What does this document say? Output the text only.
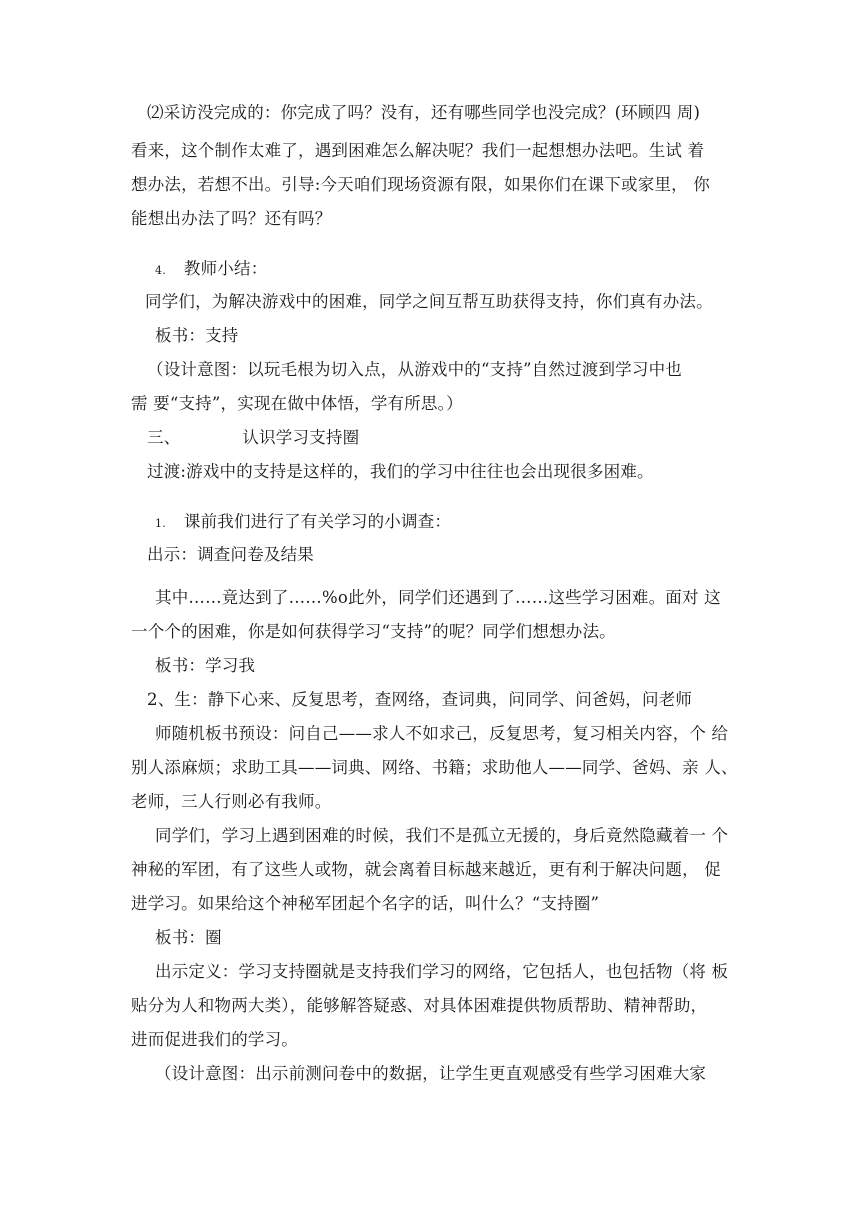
⑵采访没完成的：你完成了吗？没有，还有哪些同学也没完成？(环顾四 周)
看来，这个制作太难了，遇到困难怎么解决呢？我们一起想想办法吧。生试 着
想办法，若想不出。引导:今天咱们现场资源有限，如果你们在课下或家里， 你
能想出办法了吗？还有吗？
4. 教师小结：
同学们，为解决游戏中的困难，同学之间互帮互助获得支持，你们真有办法。
板书：支持
（设计意图：以玩毛根为切入点，从游戏中的“支持”自然过渡到学习中也
需 要“支持”，实现在做中体悟，学有所思。）
三、	认识学习支持圈
过渡:游戏中的支持是这样的，我们的学习中往往也会出现很多困难。
1. 课前我们进行了有关学习的小调查：
出示：调查问卷及结果
其中……竟达到了……%o此外，同学们还遇到了……这些学习困难。面对 这
一个个的困难，你是如何获得学习“支持”的呢？同学们想想办法。
板书：学习我
2、生：静下心来、反复思考，查网络，查词典，问同学、问爸妈，问老师
师随机板书预设：问自己——求人不如求己，反复思考，复习相关内容，个 给
别人添麻烦；求助工具——词典、网络、书籍；求助他人——同学、爸妈、亲 人、
老师，三人行则必有我师。
同学们，学习上遇到困难的时候，我们不是孤立无援的，身后竟然隐藏着一 个
神秘的军团，有了这些人或物，就会离着目标越来越近，更有利于解决问题， 促
进学习。如果给这个神秘军团起个名字的话，叫什么？“支持圈”
板书：圈
出示定义：学习支持圈就是支持我们学习的网络，它包括人，也包括物（将 板
贴分为人和物两大类），能够解答疑惑、对具体困难提供物质帮助、精神帮助，
进而促进我们的学习。
（设计意图：出示前测问卷中的数据，让学生更直观感受有些学习困难大家
